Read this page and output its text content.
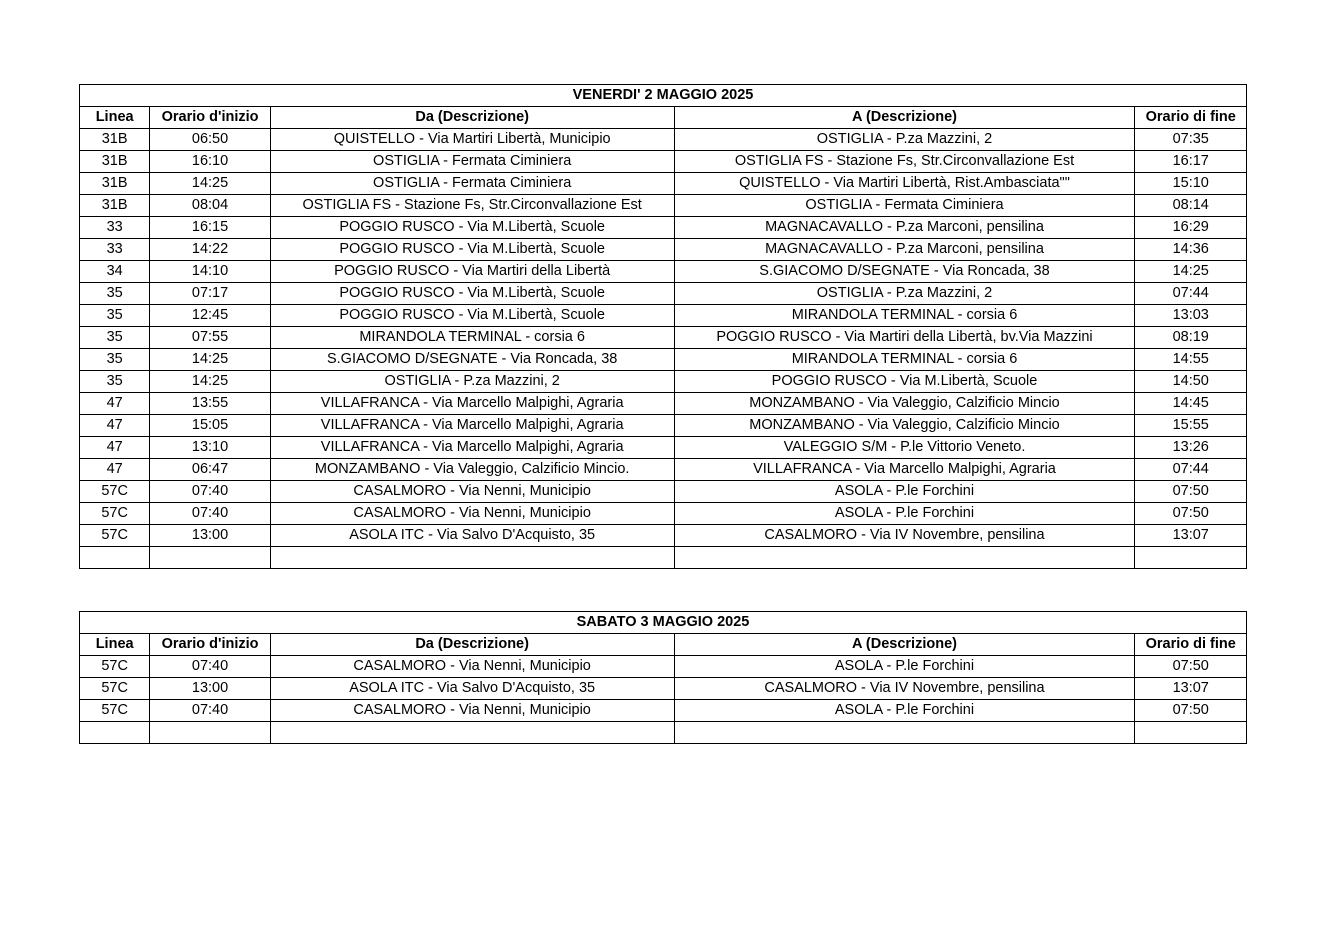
VENERDI' 2 MAGGIO 2025				
Linea	Orario d'inizio	Da (Descrizione)	A (Descrizione)	Orario di fine
31B	06:50	QUISTELLO - Via Martiri Libertà, Municipio	OSTIGLIA - P.za Mazzini, 2	07:35
31B	16:10	OSTIGLIA - Fermata Ciminiera	OSTIGLIA FS - Stazione Fs, Str.Circonvallazione Est	16:17
31B	14:25	OSTIGLIA - Fermata Ciminiera	QUISTELLO - Via Martiri Libertà, Rist.Ambasciata""	15:10
31B	08:04	OSTIGLIA FS - Stazione Fs, Str.Circonvallazione Est	OSTIGLIA - Fermata Ciminiera	08:14
33	16:15	POGGIO RUSCO - Via M.Libertà, Scuole	MAGNACAVALLO - P.za Marconi, pensilina	16:29
33	14:22	POGGIO RUSCO - Via M.Libertà, Scuole	MAGNACAVALLO - P.za Marconi, pensilina	14:36
34	14:10	POGGIO RUSCO - Via Martiri della Libertà	S.GIACOMO D/SEGNATE - Via Roncada, 38	14:25
35	07:17	POGGIO RUSCO - Via M.Libertà, Scuole	OSTIGLIA - P.za Mazzini, 2	07:44
35	12:45	POGGIO RUSCO - Via M.Libertà, Scuole	MIRANDOLA TERMINAL - corsia 6	13:03
35	07:55	MIRANDOLA TERMINAL - corsia 6	POGGIO RUSCO - Via Martiri della Libertà, bv.Via Mazzini	08:19
35	14:25	S.GIACOMO D/SEGNATE - Via Roncada, 38	MIRANDOLA TERMINAL - corsia 6	14:55
35	14:25	OSTIGLIA - P.za Mazzini, 2	POGGIO RUSCO - Via M.Libertà, Scuole	14:50
47	13:55	VILLAFRANCA - Via Marcello Malpighi, Agraria	MONZAMBANO - Via Valeggio, Calzificio Mincio	14:45
47	15:05	VILLAFRANCA - Via Marcello Malpighi, Agraria	MONZAMBANO - Via Valeggio, Calzificio Mincio	15:55
47	13:10	VILLAFRANCA - Via Marcello Malpighi, Agraria	VALEGGIO S/M - P.le Vittorio Veneto.	13:26
47	06:47	MONZAMBANO - Via Valeggio, Calzificio Mincio.	VILLAFRANCA - Via Marcello Malpighi, Agraria	07:44
57C	07:40	CASALMORO - Via Nenni, Municipio	ASOLA - P.le Forchini	07:50
57C	07:40	CASALMORO - Via Nenni, Municipio	ASOLA - P.le Forchini	07:50
57C	13:00	ASOLA ITC - Via Salvo D'Acquisto, 35	CASALMORO - Via IV Novembre, pensilina	13:07

SABATO 3 MAGGIO 2025				
Linea	Orario d'inizio	Da (Descrizione)	A (Descrizione)	Orario di fine
57C	07:40	CASALMORO - Via Nenni, Municipio	ASOLA - P.le Forchini	07:50
57C	13:00	ASOLA ITC - Via Salvo D'Acquisto, 35	CASALMORO - Via IV Novembre, pensilina	13:07
57C	07:40	CASALMORO - Via Nenni, Municipio	ASOLA - P.le Forchini	07:50
